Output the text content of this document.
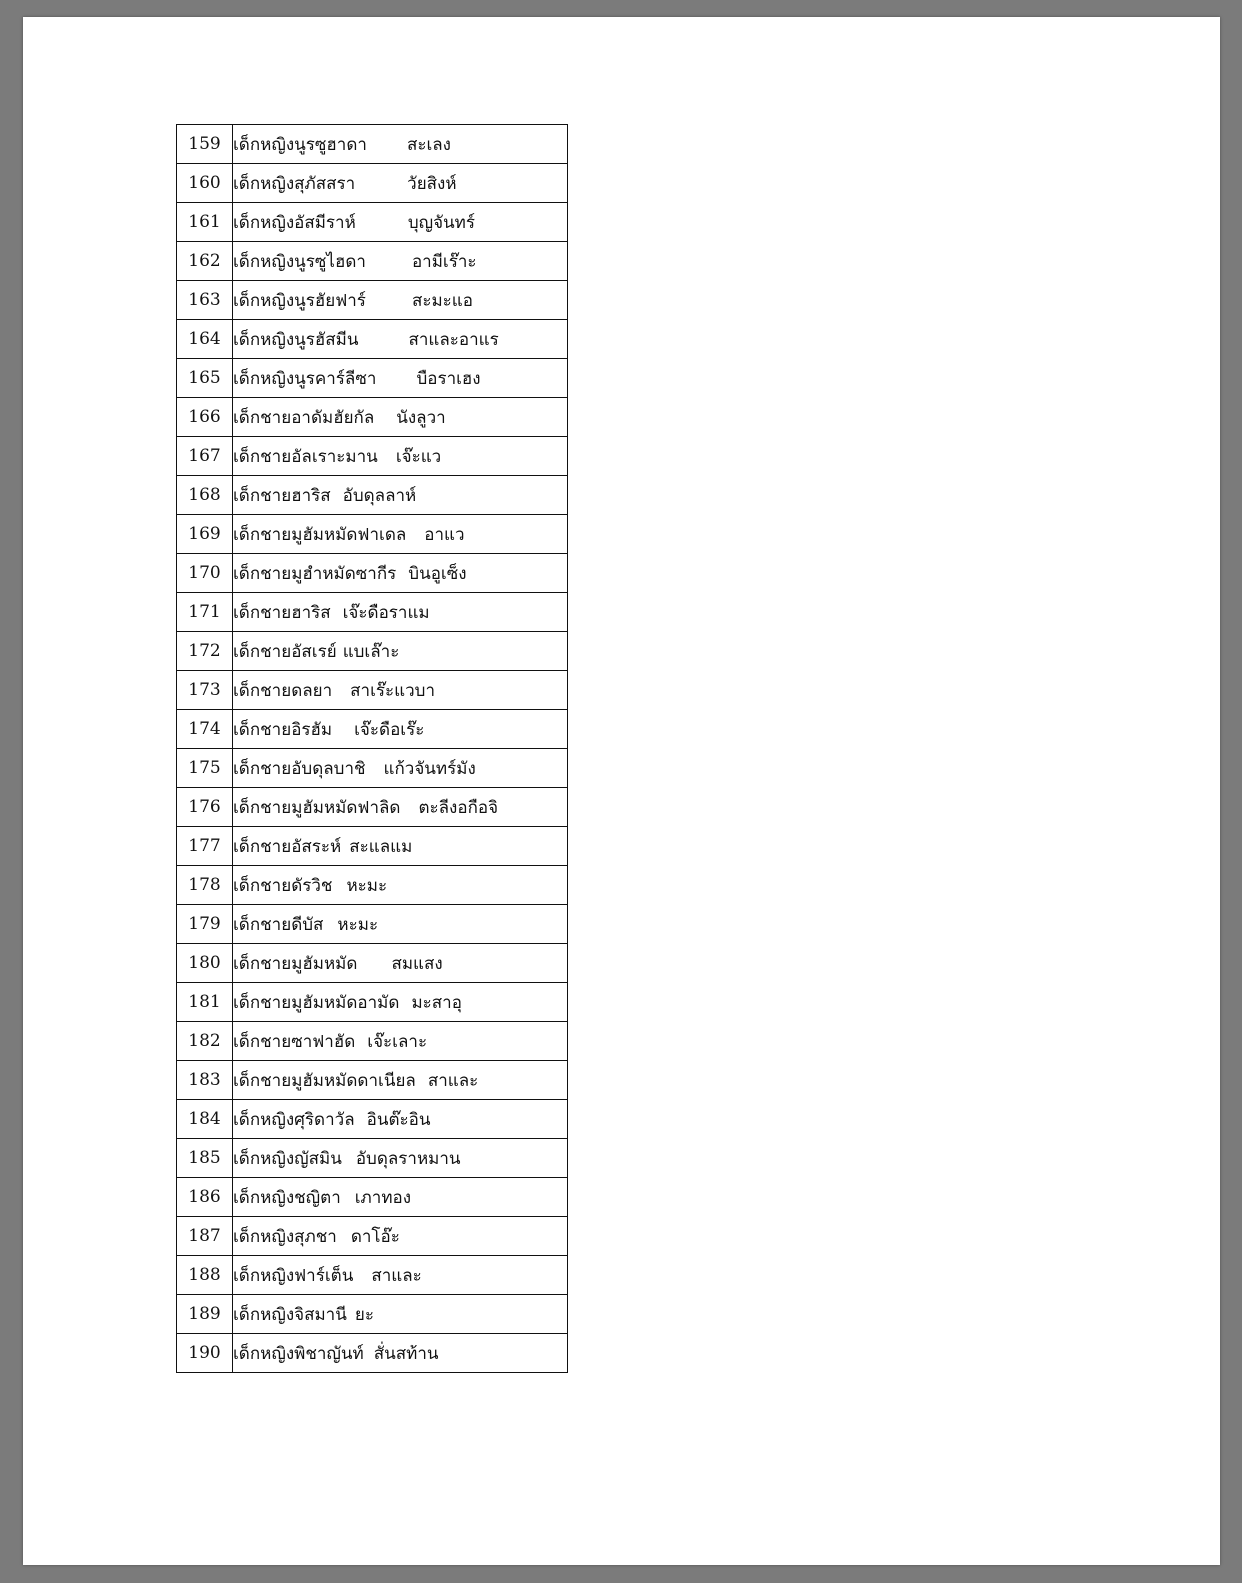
159	เด็กหญิงนูรซูฮาดา สะเลง
160	เด็กหญิงสุภัสสรา วัยสิงห์
161	เด็กหญิงอัสมีราห์ บุญจันทร์
162	เด็กหญิงนูรซูไฮดา อามีเร๊าะ
163	เด็กหญิงนูรฮัยฟาร์ สะมะแอ
164	เด็กหญิงนูรฮัสมีน สาและอาแร
165	เด็กหญิงนูรคาร์ลีซา บือราเฮง
166	เด็กชายอาดัมฮัยกัล นังลูวา
167	เด็กชายอัลเราะมาน เจ๊ะแว
168	เด็กชายฮาริส อับดุลลาห์
169	เด็กชายมูฮัมหมัดฟาเดล อาแว
170	เด็กชายมูฮำหมัดซากีร บินอูเซ็ง
171	เด็กชายฮาริส เจ๊ะดือราแม
172	เด็กชายอัสเรย์ แบเล๊าะ
173	เด็กชายดลยา สาเร๊ะแวบา
174	เด็กชายอิรฮัม เจ๊ะดือเร๊ะ
175	เด็กชายอับดุลบาชิ แก้วจันทร์มัง
176	เด็กชายมูฮัมหมัดฟาลิด ตะลีงอกือจิ
177	เด็กชายอัสระห์ สะแลแม
178	เด็กชายดัรวิช หะมะ
179	เด็กชายดีบัส หะมะ
180	เด็กชายมูฮัมหมัด สมแสง
181	เด็กชายมูฮัมหมัดอามัด มะสาอุ
182	เด็กชายซาฟาฮัด เจ๊ะเลาะ
183	เด็กชายมูฮัมหมัดดาเนียล สาและ
184	เด็กหญิงศุริดาวัล อินต๊ะอิน
185	เด็กหญิงญัสมิน อับดุลราหมาน
186	เด็กหญิงชญิตา เภาทอง
187	เด็กหญิงสุภชา ดาโอ๊ะ
188	เด็กหญิงฟาร์เต็น สาและ
189	เด็กหญิงจิสมานี ยะ
190	เด็กหญิงพิชาญันท์ สั่นสท้าน
